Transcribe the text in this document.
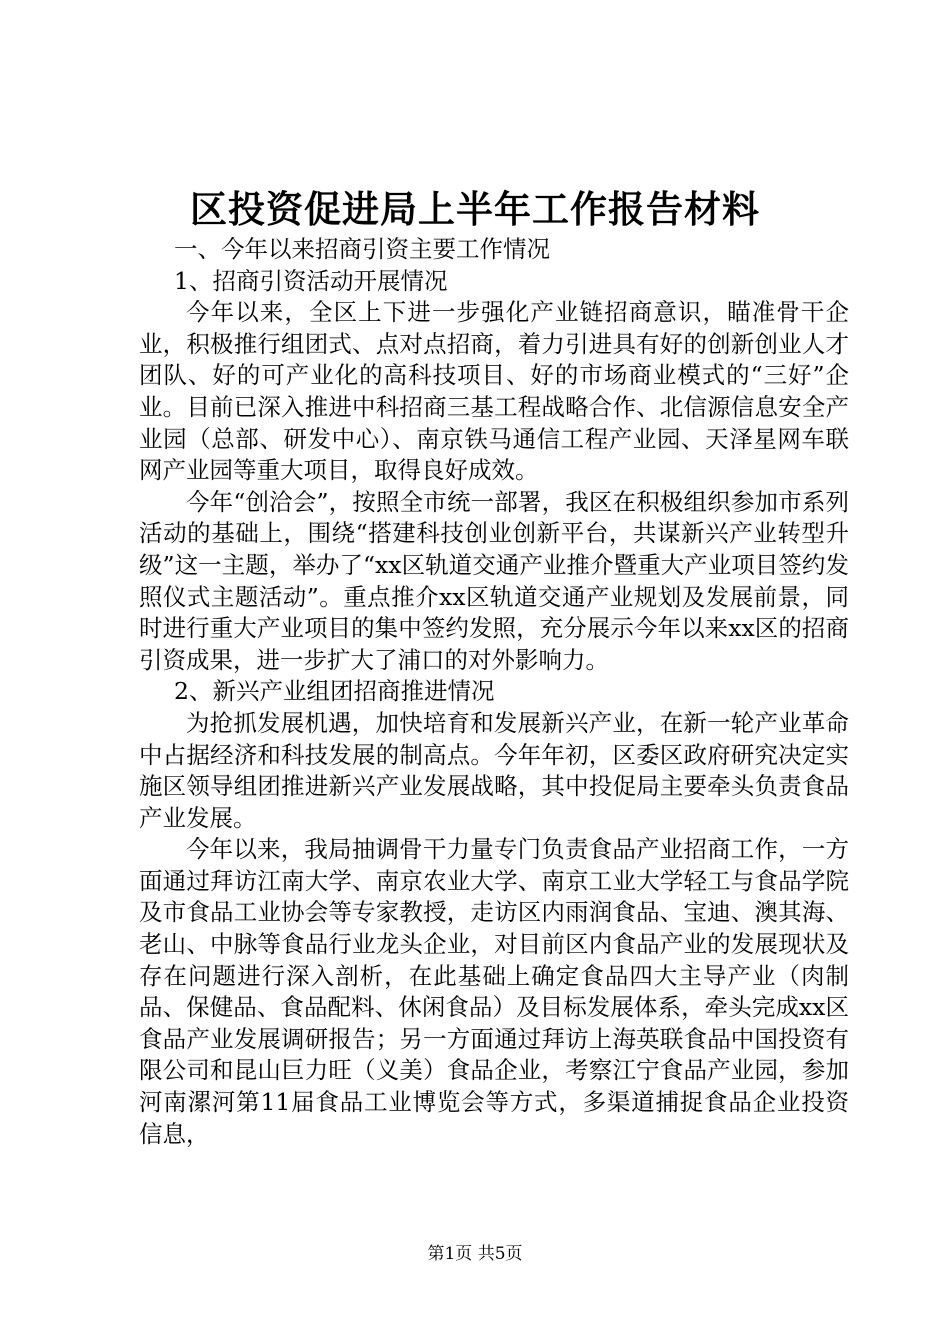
区投资促进局上半年工作报告材料

一、今年以来招商引资主要工作情况

1、招商引资活动开展情况

今年以来，全区上下进一步强化产业链招商意识，瞄准骨干企业，积极推行组团式、点对点招商，着力引进具有好的创新创业人才团队、好的可产业化的高科技项目、好的市场商业模式的“三好”企业。目前已深入推进中科招商三基工程战略合作、北信源信息安全产业园（总部、研发中心）、南京铁马通信工程产业园、天泽星网车联网产业园等重大项目，取得良好成效。

今年“创洽会”，按照全市统一部署，我区在积极组织参加市系列活动的基础上，围绕“搭建科技创业创新平台，共谋新兴产业转型升级”这一主题，举办了“xx区轨道交通产业推介暨重大产业项目签约发照仪式主题活动”。重点推介xx区轨道交通产业规划及发展前景，同时进行重大产业项目的集中签约发照，充分展示今年以来xx区的招商引资成果，进一步扩大了浦口的对外影响力。

2、新兴产业组团招商推进情况

为抢抓发展机遇，加快培育和发展新兴产业，在新一轮产业革命中占据经济和科技发展的制高点。今年年初，区委区政府研究决定实施区领导组团推进新兴产业发展战略，其中投促局主要牵头负责食品产业发展。

今年以来，我局抽调骨干力量专门负责食品产业招商工作，一方面通过拜访江南大学、南京农业大学、南京工业大学轻工与食品学院及市食品工业协会等专家教授，走访区内雨润食品、宝迪、澳其海、老山、中脉等食品行业龙头企业，对目前区内食品产业的发展现状及存在问题进行深入剖析，在此基础上确定食品四大主导产业（肉制品、保健品、食品配料、休闲食品）及目标发展体系，牵头完成xx区食品产业发展调研报告；另一方面通过拜访上海英联食品中国投资有限公司和昆山巨力旺（义美）食品企业，考察江宁食品产业园，参加河南漯河第11届食品工业博览会等方式，多渠道捕捉食品企业投资信息，

第1页 共5页
